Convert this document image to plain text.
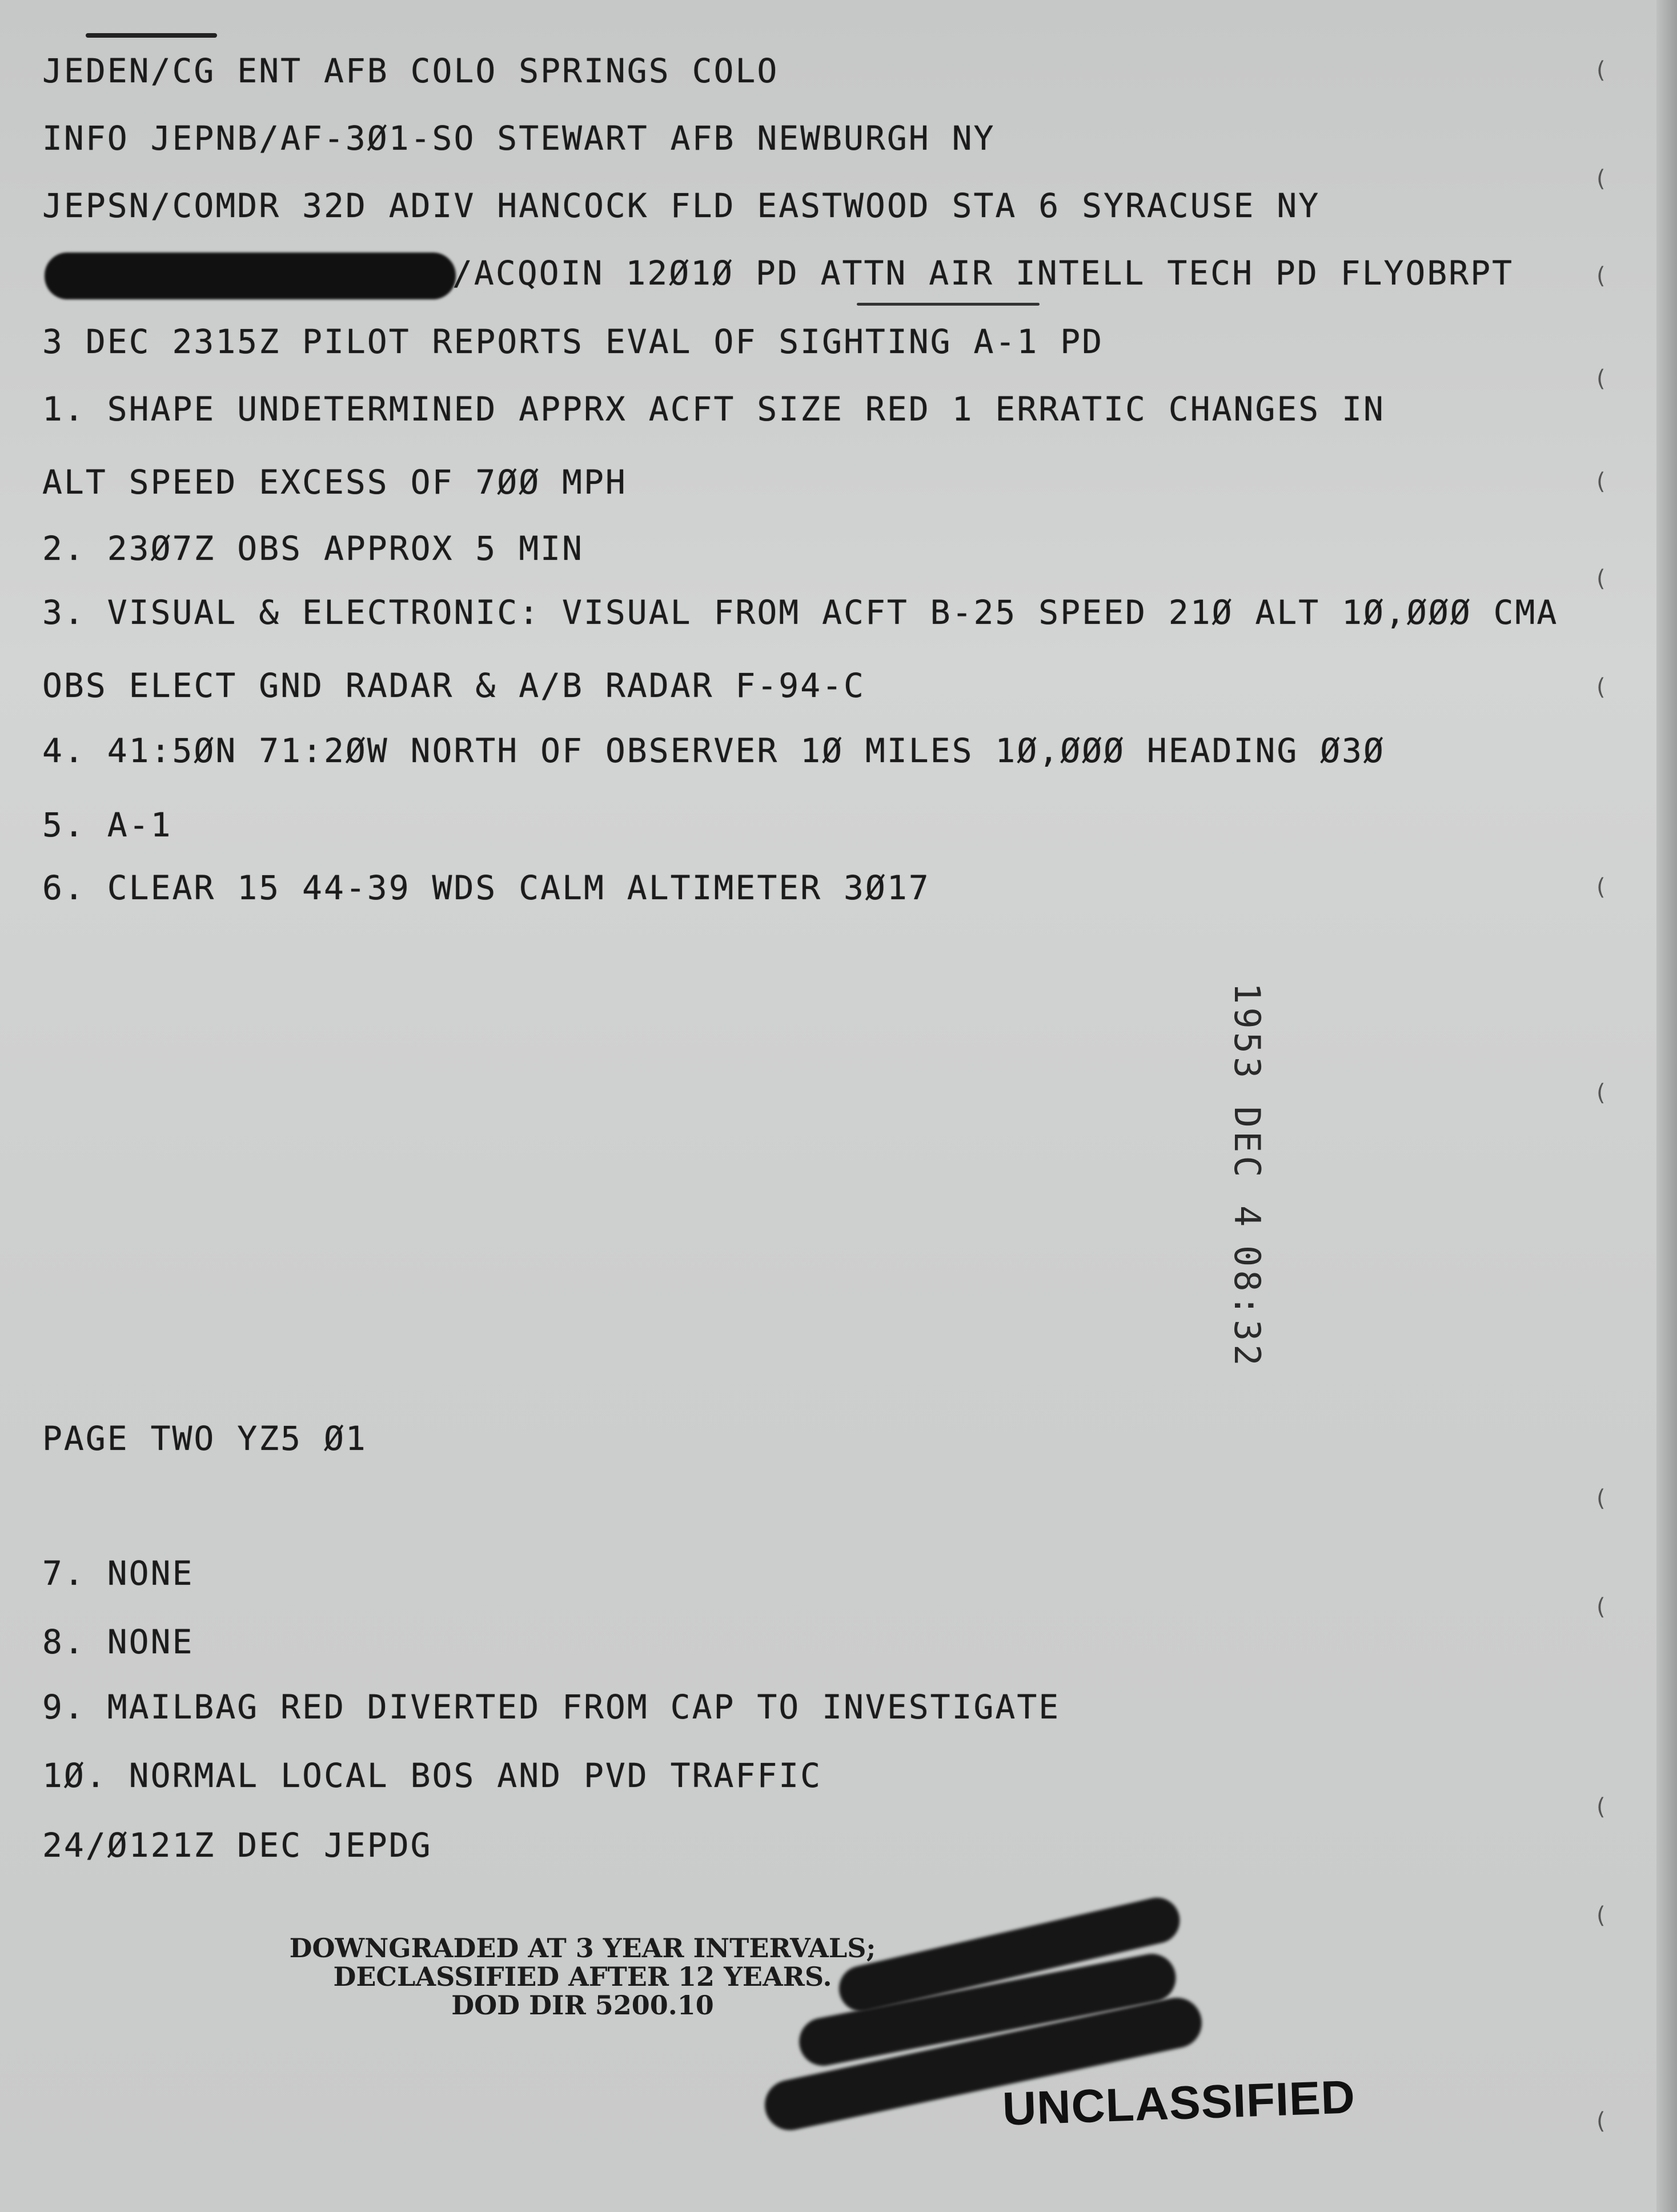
JEDEN/CG ENT AFB COLO SPRINGS COLO
INFO JEPNB/AF-3Ø1-SO STEWART AFB NEWBURGH NY
JEPSN/COMDR 32D ADIV HANCOCK FLD EASTWOOD STA 6 SYRACUSE NY
/ACQOIN 12Ø1Ø PD ATTN AIR INTELL TECH PD FLYOBRPT
3 DEC 2315Z PILOT REPORTS EVAL OF SIGHTING A-1 PD
1. SHAPE UNDETERMINED APPRX ACFT SIZE RED 1 ERRATIC CHANGES IN
ALT SPEED EXCESS OF 7ØØ MPH
2. 23Ø7Z OBS APPROX 5 MIN
3. VISUAL & ELECTRONIC: VISUAL FROM ACFT B-25 SPEED 21Ø ALT 1Ø,ØØØ CMA
OBS ELECT GND RADAR & A/B RADAR F-94-C
4. 41:5ØN 71:2ØW NORTH OF OBSERVER 1Ø MILES 1Ø,ØØØ HEADING Ø3Ø
5. A-1
6. CLEAR 15 44-39 WDS CALM ALTIMETER 3Ø17
1953 DEC 4
08:32
PAGE TWO YZ5 Ø1
7. NONE
8. NONE
9. MAILBAG RED DIVERTED FROM CAP TO INVESTIGATE
1Ø. NORMAL LOCAL BOS AND PVD TRAFFIC
24/Ø121Z DEC JEPDG
DOWNGRADED AT 3 YEAR INTERVALS;
DECLASSIFIED AFTER 12 YEARS.
DOD DIR 5200.10
UNCLASSIFIED
(
(
(
(
(
(
(
(
(
(
(
(
(
(
